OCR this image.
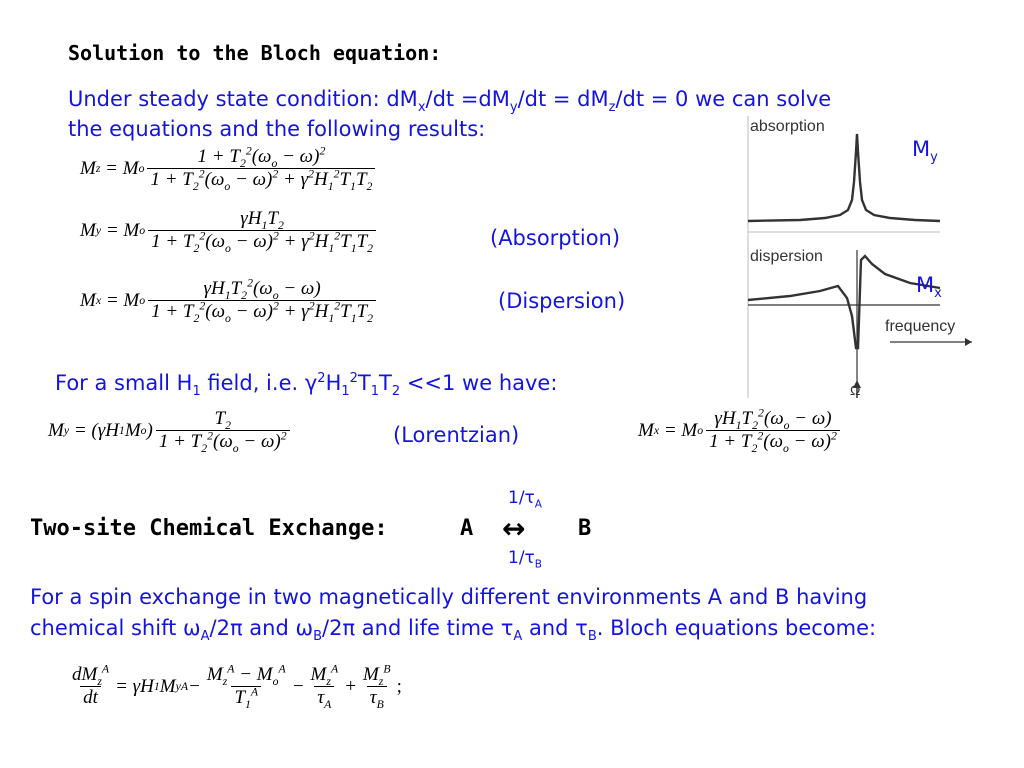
Solution to the Bloch equation:
Under steady state condition: $dM_x/dt =dM_y/dt = dM_z/dt = 0$ we can solve
the equations and the following results:
M z = M o $\frac{1 + T_2^2(\omega_o - \omega)^2}{1 + T_2^2(\omega_o - \omega)^2 + \gamma^2H_1^2T_1T_2}$
M y = M o $\frac{\gamma H_1T_2}{1 + T_2^2(\omega_o - \omega)^2 + \gamma^2H_1^2T_1T_2}$	(Absorption)
M x = M o $\frac{\gamma H_1T_2^2(\omega_o - \omega)}{1 + T_2^2(\omega_o - \omega)^2 + \gamma^2H_1^2T_1T_2}$	(Dispersion)
absorption
dispersion
frequency
Ω
$M_y$
$M_x$
For a small $H_1$ field, i.e. $\gamma^2H_1^2T_1T_2 <<1$ we have:
M y = (γH 1 M o ) $\frac{T_2}{1 + T_2^2(\omega_o - \omega)^2}$	(Lorentzian)	M x = M o $\frac{\gamma H_1T_2^2(\omega_o - \omega)}{1 + T_2^2(\omega_o - \omega)^2}$
$1/\tau_A$
Two-site Chemical Exchange:	A ↔ B
$1/\tau_B$
For a spin exchange in two magnetically different environments A and B having
chemical shift $\omega_A/2\pi$ and $\omega_B/2\pi$ and life time $\tau_A$ and $\tau_B$. Bloch equations become:
$\frac{dM_z^A}{dt} = \gamma H$ 1 M y $A - \frac{M_z^A - M_o^A}{T_1^A} - \frac{M_z^A}{\tau_A} + \frac{M_z^B}{\tau_B}$ ;
